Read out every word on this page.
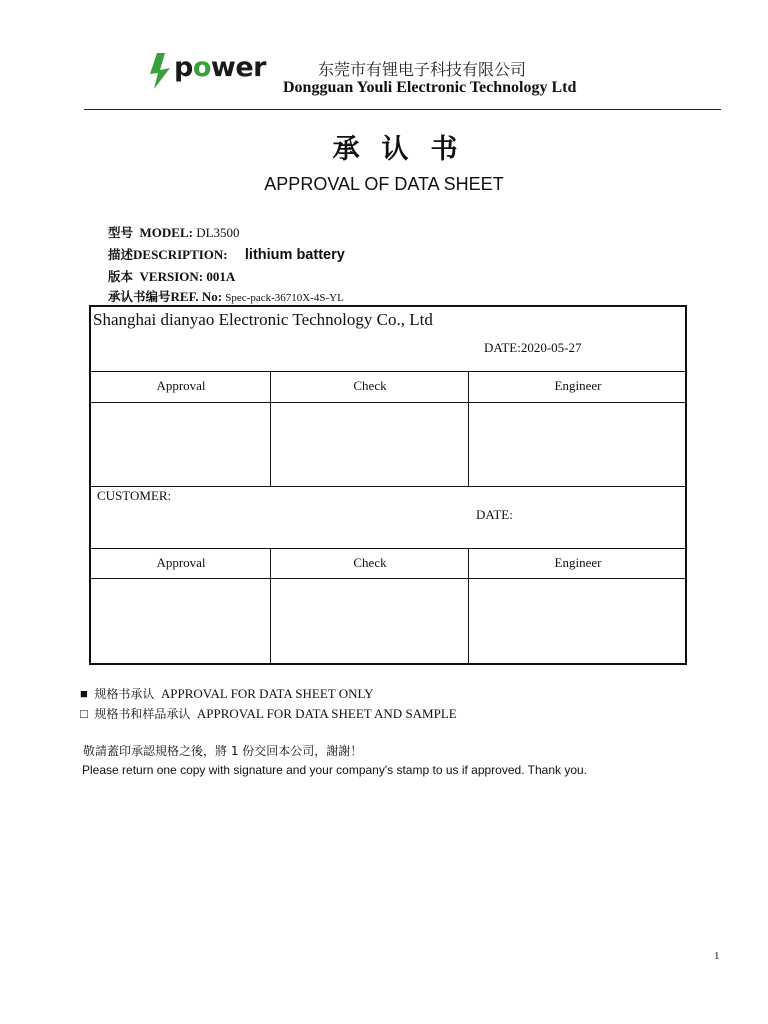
power	东莞市有锂电子科技有限公司
Dongguan Youli Electronic Technology Ltd
承认书
APPROVAL OF DATA SHEET
型号 MODEL: DL3500
描述DESCRIPTION: lithium battery
版本 VERSION: 001A
承认书编号REF. No: Spec-pack-36710X-4S-YL
Shanghai dianyao Electronic Technology Co., Ltd
DATE:2020-05-27
Approval	Check	Engineer
CUSTOMER:
DATE:
Approval	Check	Engineer
■ 规格书承认 APPROVAL FOR DATA SHEET ONLY
□ 规格书和样品承认 APPROVAL FOR DATA SHEET AND SAMPLE
敬請蓋印承認規格之後，將 1 份交回本公司，謝謝！
Please return one copy with signature and your company's stamp to us if approved. Thank you.
1
